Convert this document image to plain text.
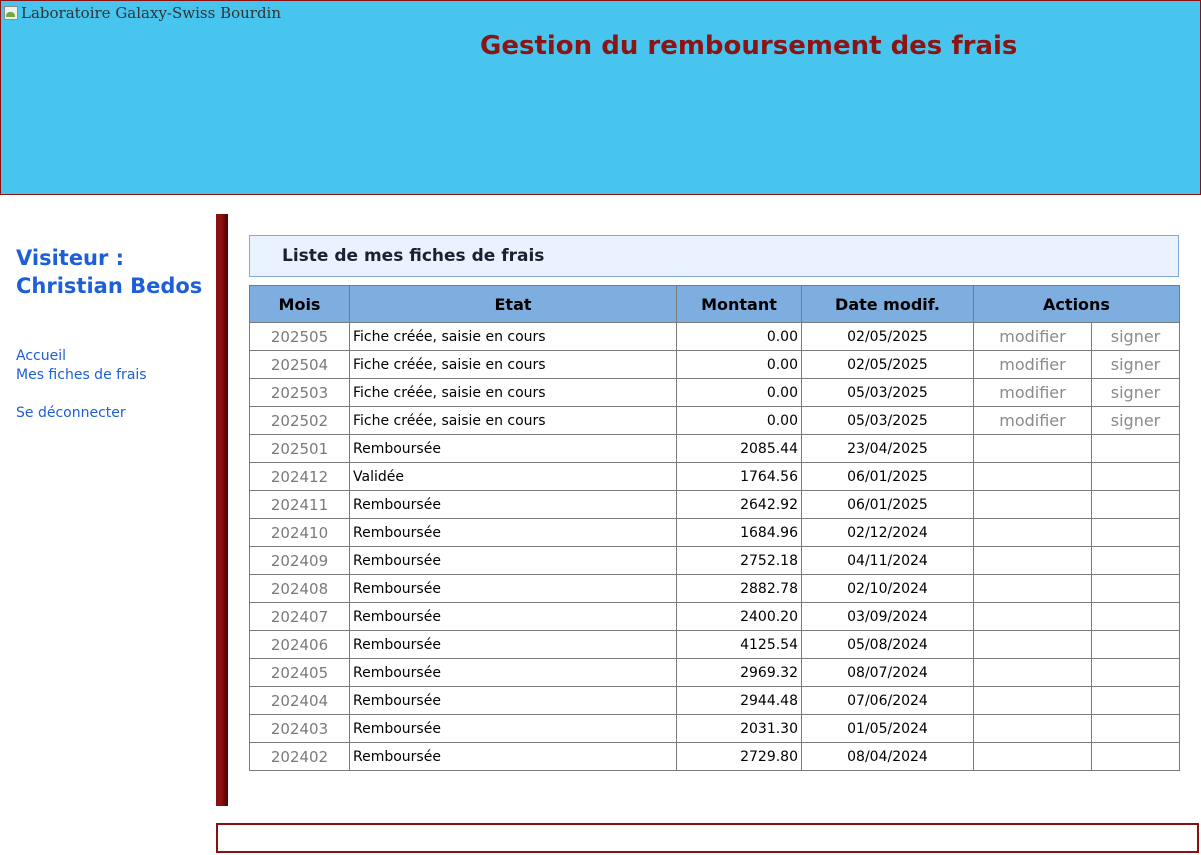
Laboratoire Galaxy-Swiss Bourdin
Gestion du remboursement des frais
Visiteur : Christian Bedos
Accueil
Mes fiches de frais
Se déconnecter
Liste de mes fiches de frais
Mois	Etat	Montant	Date modif.	Actions	
202505	Fiche créée, saisie en cours	0.00	02/05/2025	modifier	signer
202504	Fiche créée, saisie en cours	0.00	02/05/2025	modifier	signer
202503	Fiche créée, saisie en cours	0.00	05/03/2025	modifier	signer
202502	Fiche créée, saisie en cours	0.00	05/03/2025	modifier	signer
202501	Remboursée	2085.44	23/04/2025		
202412	Validée	1764.56	06/01/2025		
202411	Remboursée	2642.92	06/01/2025		
202410	Remboursée	1684.96	02/12/2024		
202409	Remboursée	2752.18	04/11/2024		
202408	Remboursée	2882.78	02/10/2024		
202407	Remboursée	2400.20	03/09/2024		
202406	Remboursée	4125.54	05/08/2024		
202405	Remboursée	2969.32	08/07/2024		
202404	Remboursée	2944.48	07/06/2024		
202403	Remboursée	2031.30	01/05/2024		
202402	Remboursée	2729.80	08/04/2024		
